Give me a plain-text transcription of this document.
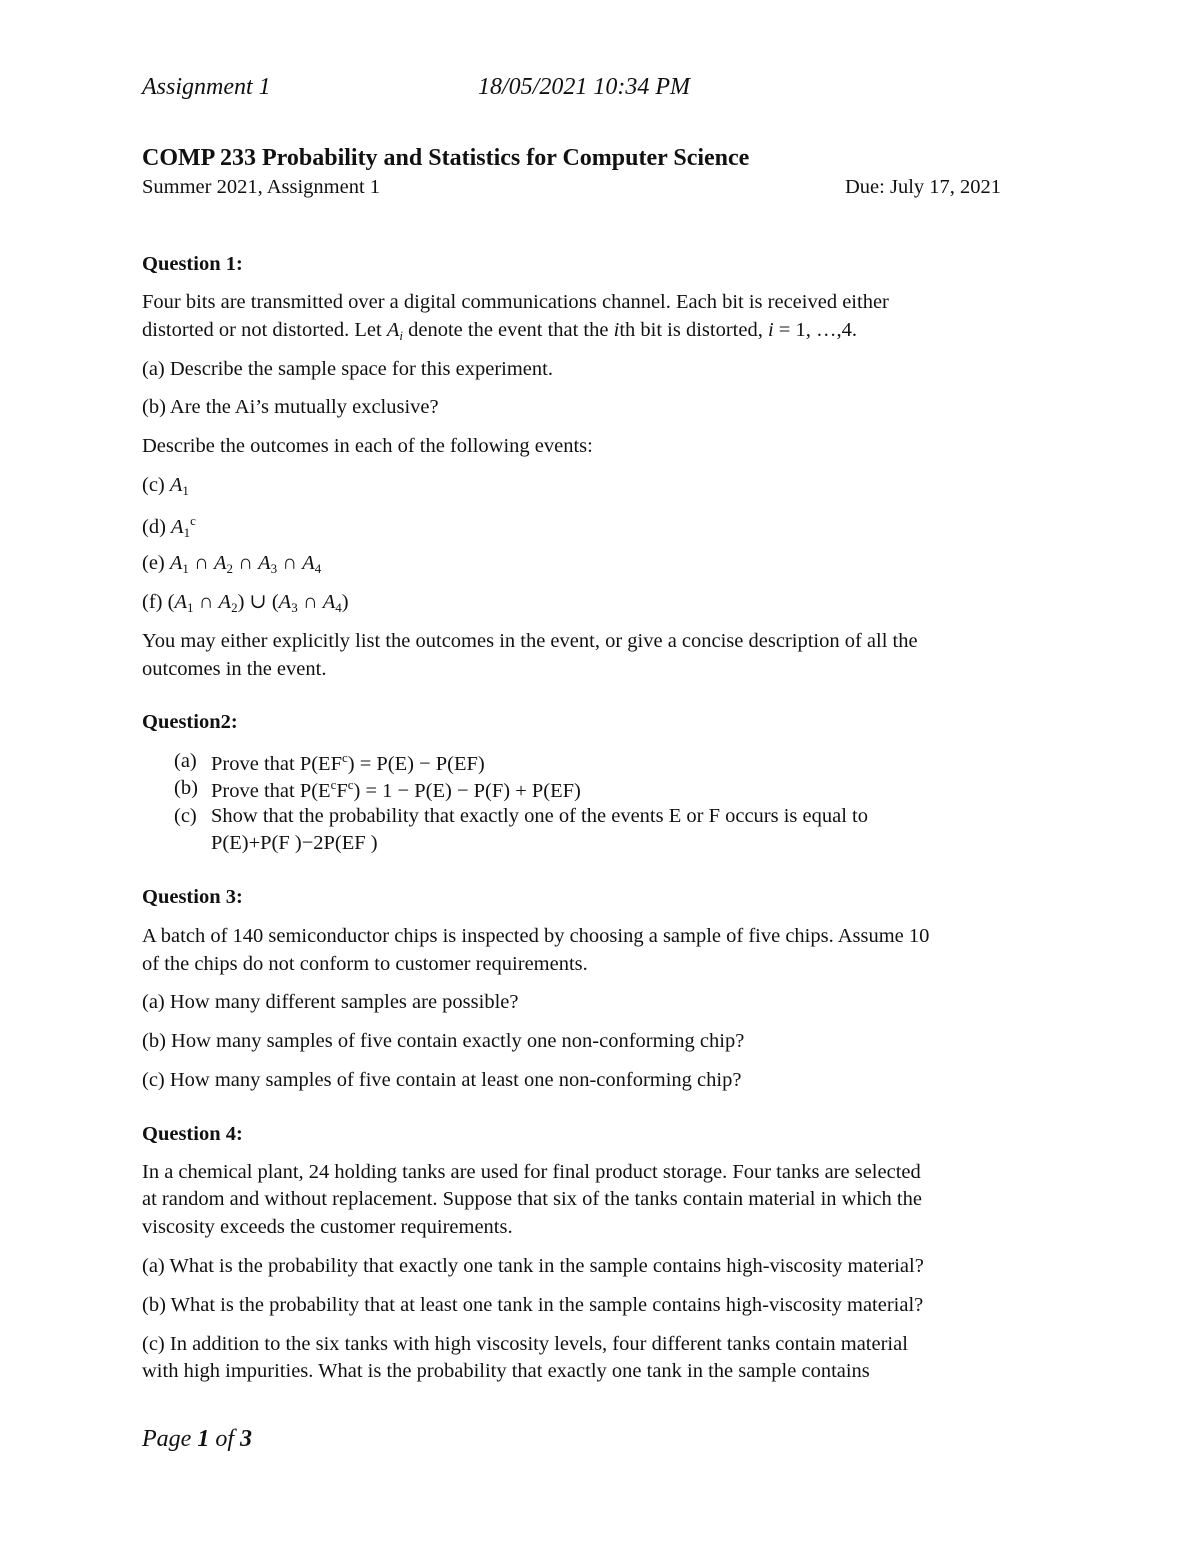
Assignment 1	18/05/2021 10:34 PM
COMP 233 Probability and Statistics for Computer Science
Summer 2021, Assignment 1	Due: July 17, 2021
Question 1:
Four bits are transmitted over a digital communications channel. Each bit is received either
distorted or not distorted. Let $A_i$ denote the event that the ith bit is distorted, i = 1, …,4.
(a) Describe the sample space for this experiment.
(b) Are the Ai’s mutually exclusive?
Describe the outcomes in each of the following events:
(c) $A_1$
(d) $A_1^c$
(e) $A_1$ ∩ $A_2$ ∩ $A_3$ ∩ $A_4$
(f) ($A_1$ ∩ $A_2$) ∪ ($A_3$ ∩ $A_4$)
You may either explicitly list the outcomes in the event, or give a concise description of all the
outcomes in the event.
Question2:
(a) Prove that $P(EF^c) = P(E) - P(EF)$
(b) Prove that $P(E^cF^c) = 1 - P(E) - P(F) + P(EF)$
(c) Show that the probability that exactly one of the events E or F occurs is equal to
P(E)+P(F )−2P(EF )
Question 3:
A batch of 140 semiconductor chips is inspected by choosing a sample of five chips. Assume 10
of the chips do not conform to customer requirements.
(a) How many different samples are possible?
(b) How many samples of five contain exactly one non-conforming chip?
(c) How many samples of five contain at least one non-conforming chip?
Question 4:
In a chemical plant, 24 holding tanks are used for final product storage. Four tanks are selected
at random and without replacement. Suppose that six of the tanks contain material in which the
viscosity exceeds the customer requirements.
(a) What is the probability that exactly one tank in the sample contains high-viscosity material?
(b) What is the probability that at least one tank in the sample contains high-viscosity material?
(c) In addition to the six tanks with high viscosity levels, four different tanks contain material
with high impurities. What is the probability that exactly one tank in the sample contains
Page 1 of 3
